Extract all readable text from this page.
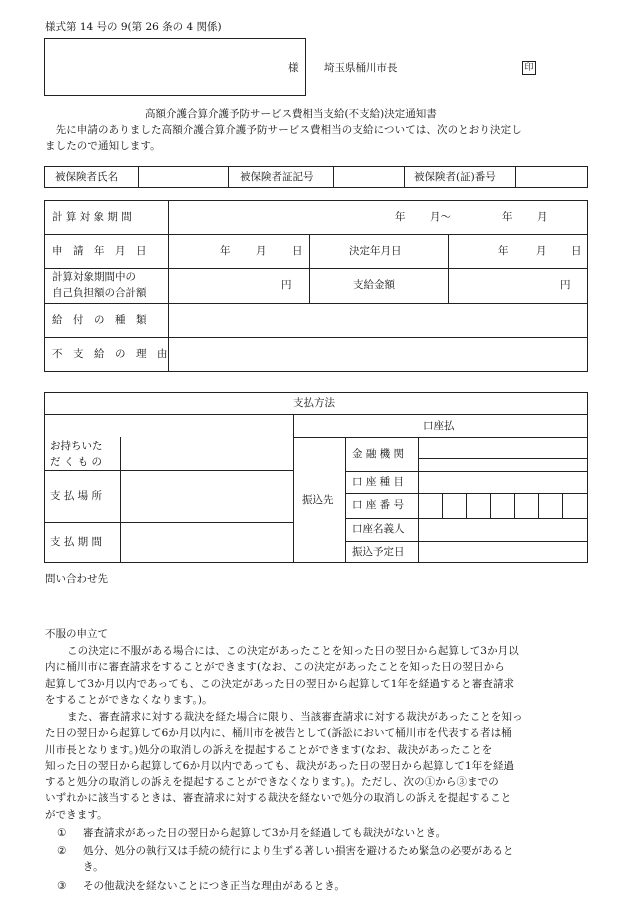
様式第 14 号の 9(第 26 条の 4 関係)
様 埼玉県桶川市長	印
高額介護合算介護予防サービス費相当支給(不支給)決定通知書
　先に申請のありました高額介護合算介護予防サービス費相当の支給については、次のとおり決定し
ましたので通知します。
被保険者氏名	被保険者証記号	被保険者(証)番号
計 算 対 象 期 間	年 月～	年 月
申　請　年　月　日	年 月 日	決定年月日	年	月 日
計算対象期間中の
自己負担額の合計額
円	支給金額	円
給　付　の　種　類
不　支　給　の　理　由
支払方法
口座払
お持ちいた
だ く も の
支 払 場 所
支 払 期 間
振込先
金 融 機 関
口 座 種 目
口 座 番 号
口座名義人
振込予定日
問い合わせ先
不服の申立て
この決定に不服がある場合には、この決定があったことを知った日の翌日から起算して3か月以
内に桶川市に審査請求をすることができます(なお、この決定があったことを知った日の翌日から
起算して3か月以内であっても、この決定があった日の翌日から起算して1年を経過すると審査請求
をすることができなくなります。)。
また、審査請求に対する裁決を経た場合に限り、当該審査請求に対する裁決があったことを知っ
た日の翌日から起算して6か月以内に、桶川市を被告として(訴訟において桶川市を代表する者は桶
川市長となります。)処分の取消しの訴えを提起することができます(なお、裁決があったことを
知った日の翌日から起算して6か月以内であっても、裁決があった日の翌日から起算して1年を経過
すると処分の取消しの訴えを提起することができなくなります。)。ただし、次の①から③までの
いずれかに該当するときは、審査請求に対する裁決を経ないで処分の取消しの訴えを提起すること
ができます。
① 審査請求があった日の翌日から起算して3か月を経過しても裁決がないとき。
② 処分、処分の執行又は手続の続行により生ずる著しい損害を避けるため緊急の必要があると
き。
③ その他裁決を経ないことにつき正当な理由があるとき。
